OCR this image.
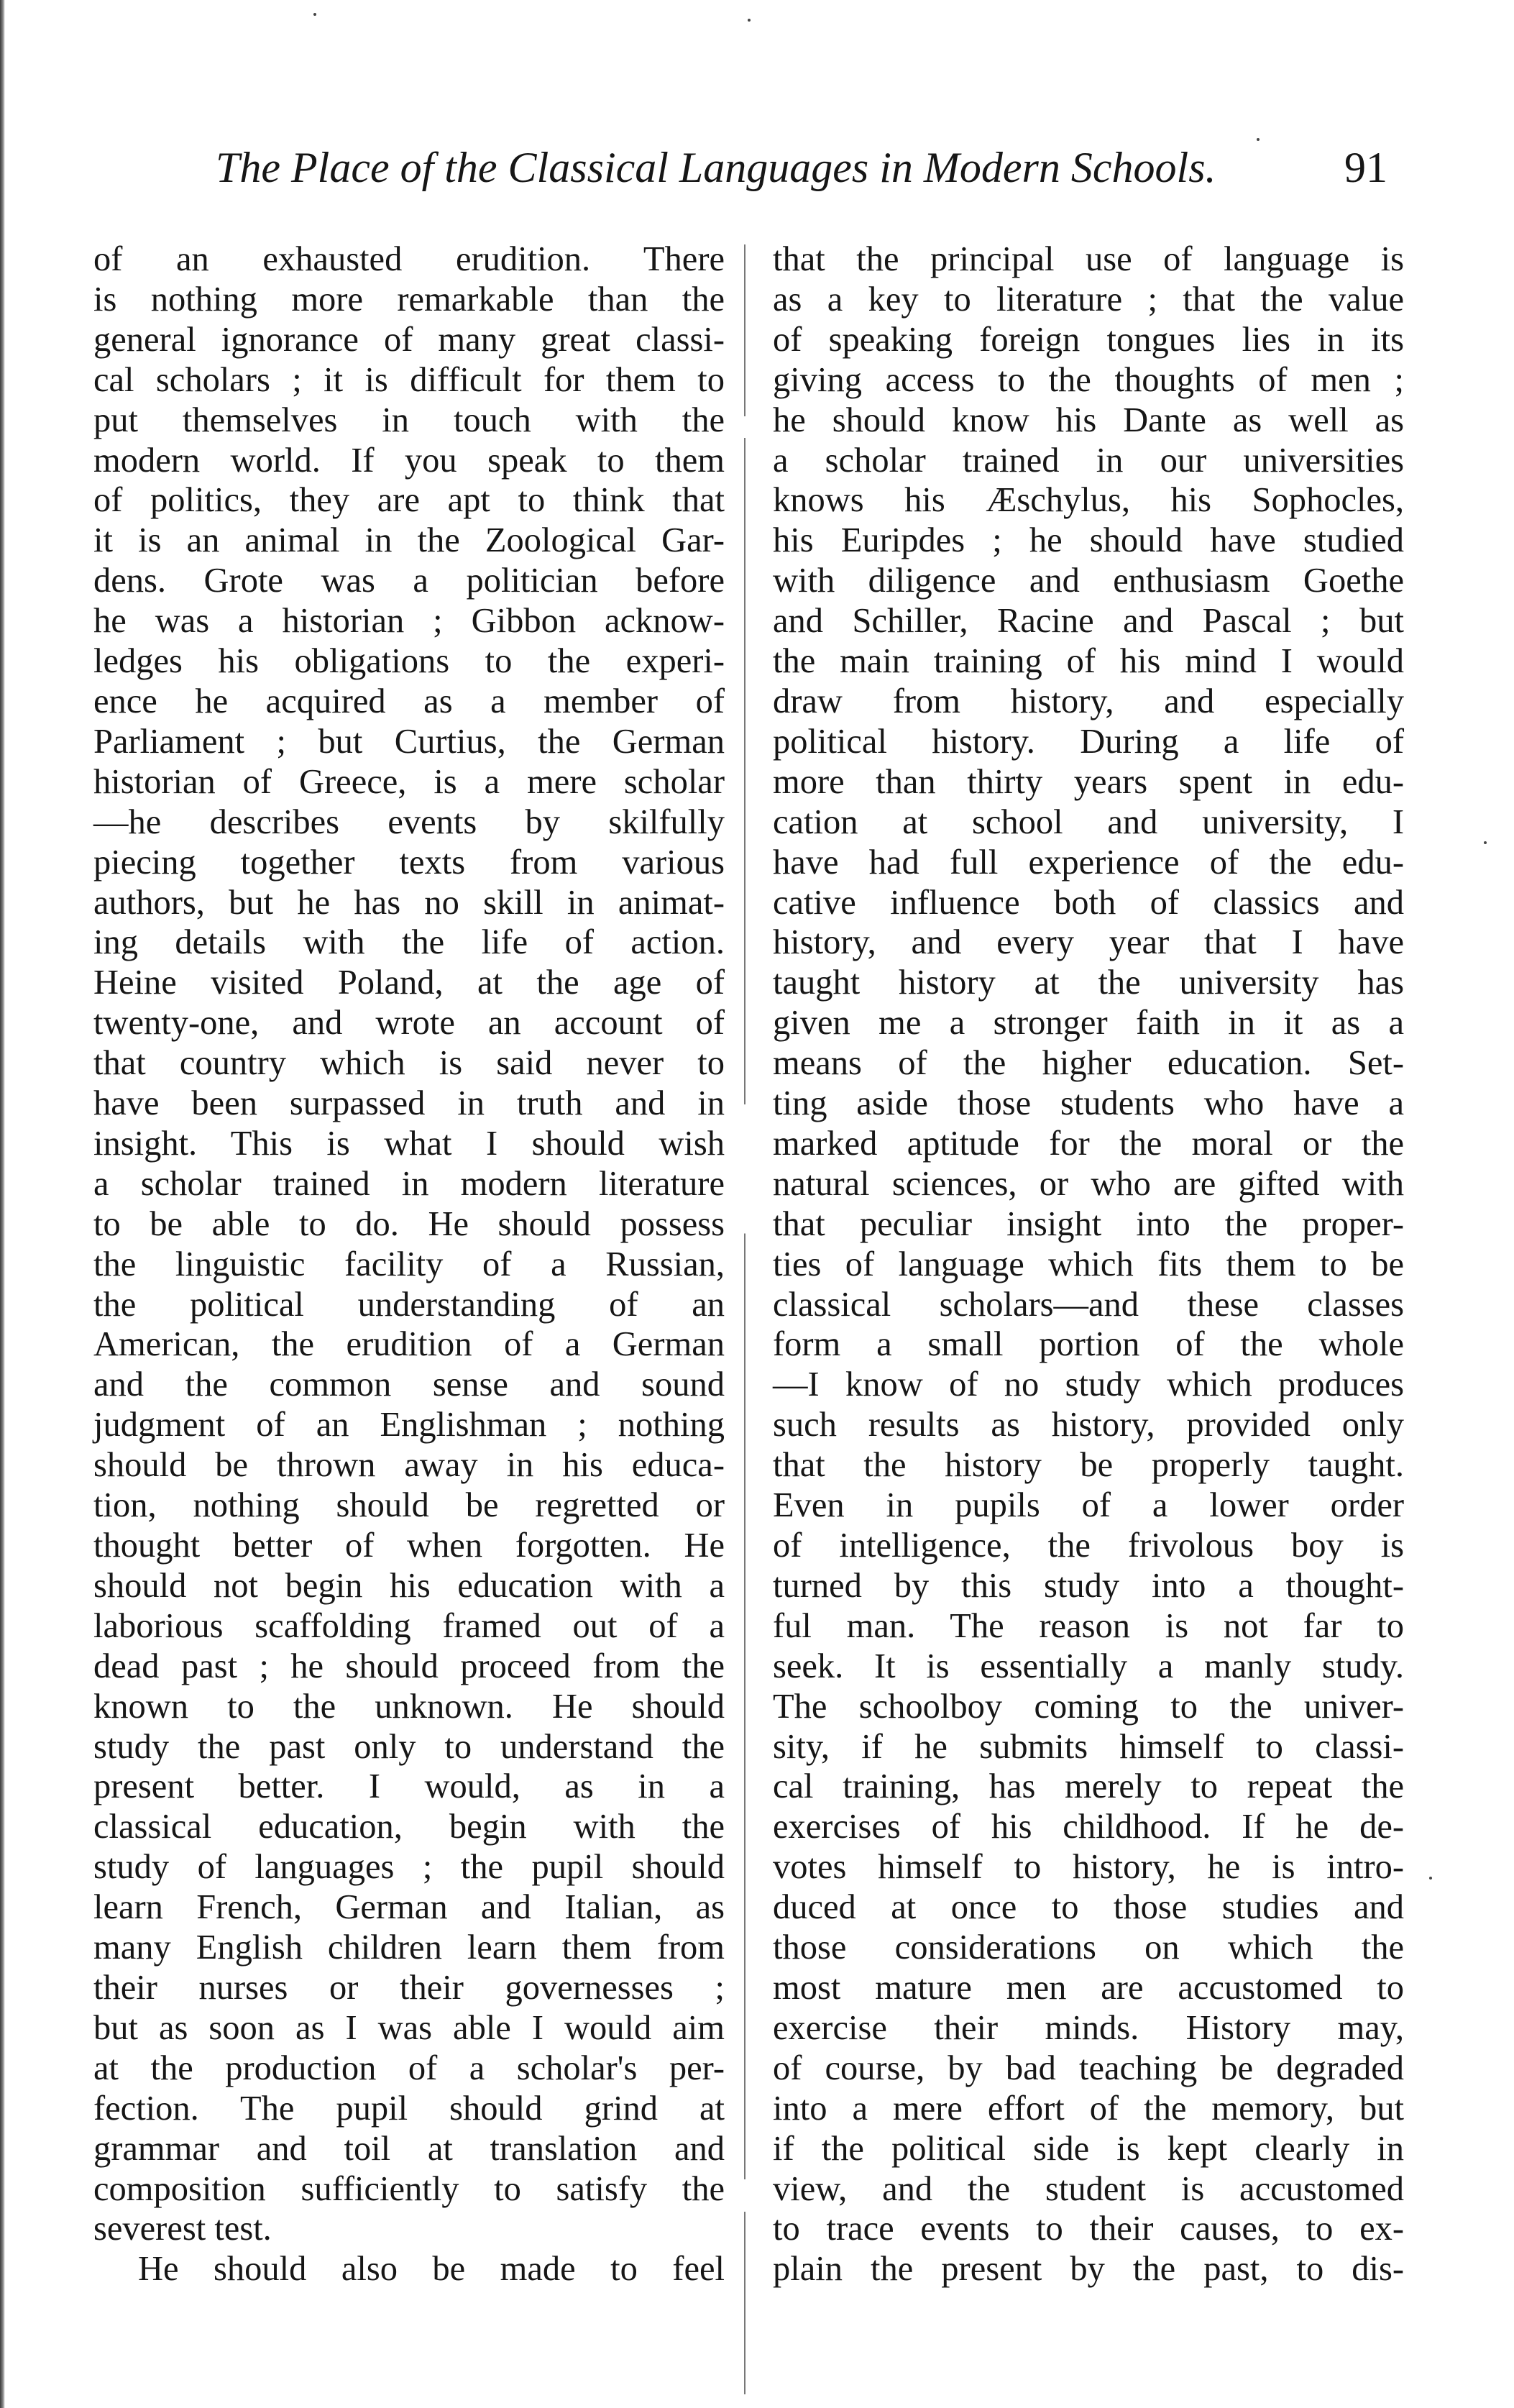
The Place of the Classical Languages in Modern Schools.	91

of an exhausted erudition. There

is nothing more remarkable than the

general ignorance of many great classi-

cal scholars ; it is difficult for them to

put themselves in touch with the

modern world. If you speak to them

of politics, they are apt to think that

it is an animal in the Zoological Gar-

dens. Grote was a politician before

he was a historian ; Gibbon acknow-

ledges his obligations to the experi-

ence he acquired as a member of

Parliament ; but Curtius, the German

historian of Greece, is a mere scholar

—he describes events by skilfully

piecing together texts from various

authors, but he has no skill in animat-

ing details with the life of action.

Heine visited Poland, at the age of

twenty-one, and wrote an account of

that country which is said never to

have been surpassed in truth and in

insight. This is what I should wish

a scholar trained in modern literature

to be able to do. He should possess

the linguistic facility of a Russian,

the political understanding of an

American, the erudition of a German

and the common sense and sound

judgment of an Englishman ; nothing

should be thrown away in his educa-

tion, nothing should be regretted or

thought better of when forgotten. He

should not begin his education with a

laborious scaffolding framed out of a

dead past ; he should proceed from the

known to the unknown. He should

study the past only to understand the

present better. I would, as in a

classical education, begin with the

study of languages ; the pupil should

learn French, German and Italian, as

many English children learn them from

their nurses or their governesses ;

but as soon as I was able I would aim

at the production of a scholar's per-

fection. The pupil should grind at

grammar and toil at translation and

composition sufficiently to satisfy the

severest test.

He should also be made to feel

that the principal use of language is

as a key to literature ; that the value

of speaking foreign tongues lies in its

giving access to the thoughts of men ;

he should know his Dante as well as

a scholar trained in our universities

knows his Æschylus, his Sophocles,

his Euripdes ; he should have studied

with diligence and enthusiasm Goethe

and Schiller, Racine and Pascal ; but

the main training of his mind I would

draw from history, and especially

political history. During a life of

more than thirty years spent in edu-

cation at school and university, I

have had full experience of the edu-

cative influence both of classics and

history, and every year that I have

taught history at the university has

given me a stronger faith in it as a

means of the higher education. Set-

ting aside those students who have a

marked aptitude for the moral or the

natural sciences, or who are gifted with

that peculiar insight into the proper-

ties of language which fits them to be

classical scholars—and these classes

form a small portion of the whole

—I know of no study which produces

such results as history, provided only

that the history be properly taught.

Even in pupils of a lower order

of intelligence, the frivolous boy is

turned by this study into a thought-

ful man. The reason is not far to

seek. It is essentially a manly study.

The schoolboy coming to the univer-

sity, if he submits himself to classi-

cal training, has merely to repeat the

exercises of his childhood. If he de-

votes himself to history, he is intro-

duced at once to those studies and

those considerations on which the

most mature men are accustomed to

exercise their minds. History may,

of course, by bad teaching be degraded

into a mere effort of the memory, but

if the political side is kept clearly in

view, and the student is accustomed

to trace events to their causes, to ex-

plain the present by the past, to dis-
